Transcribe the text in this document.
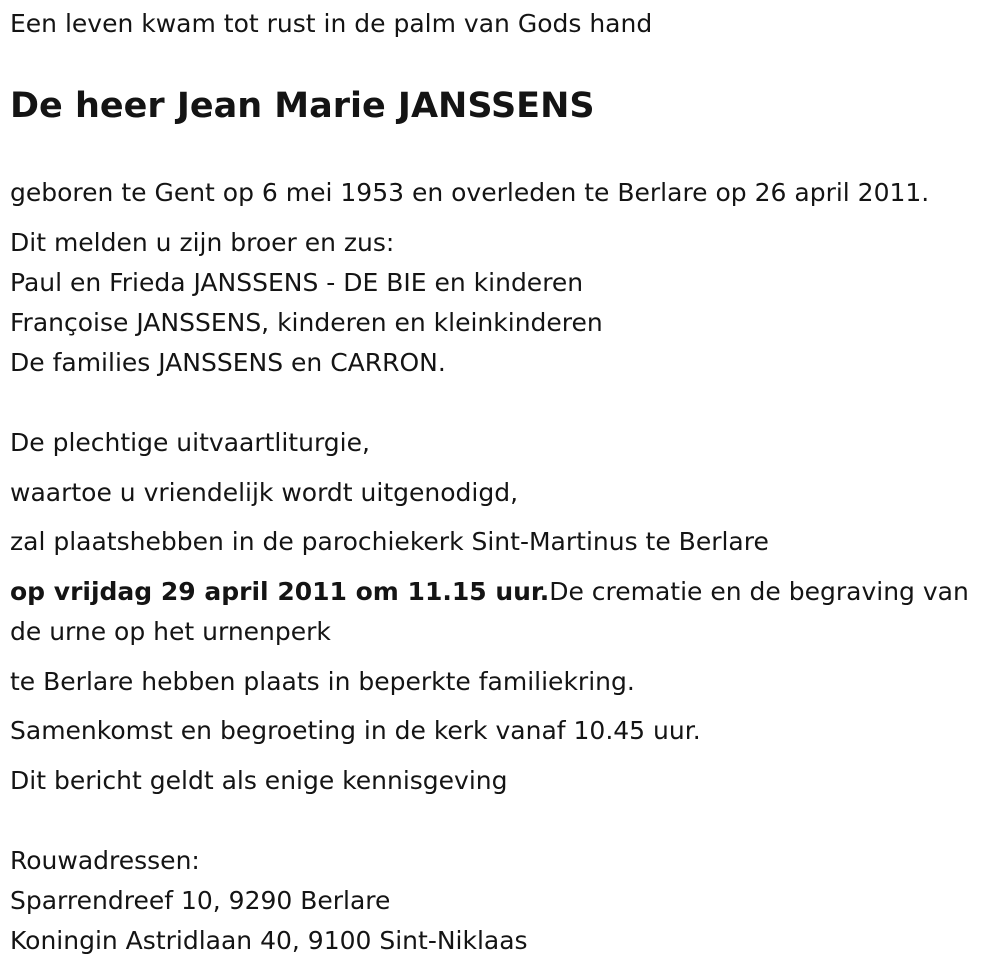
Een leven kwam tot rust in de palm van Gods hand

De heer Jean Marie JANSSENS

geboren te Gent op 6 mei 1953 en overleden te Berlare op 26 april 2011.

Dit melden u zijn broer en zus:

Paul en Frieda JANSSENS - DE BIE en kinderen

Françoise JANSSENS, kinderen en kleinkinderen

De families JANSSENS en CARRON.

De plechtige uitvaartliturgie,

waartoe u vriendelijk wordt uitgenodigd,

zal plaatshebben in de parochiekerk Sint-Martinus te Berlare

op vrijdag 29 april 2011 om 11.15 uur.De crematie en de begraving van

de urne op het urnenperk

te Berlare hebben plaats in beperkte familiekring.

Samenkomst en begroeting in de kerk vanaf 10.45 uur.

Dit bericht geldt als enige kennisgeving

Rouwadressen:

Sparrendreef 10, 9290 Berlare

Koningin Astridlaan 40, 9100 Sint-Niklaas
